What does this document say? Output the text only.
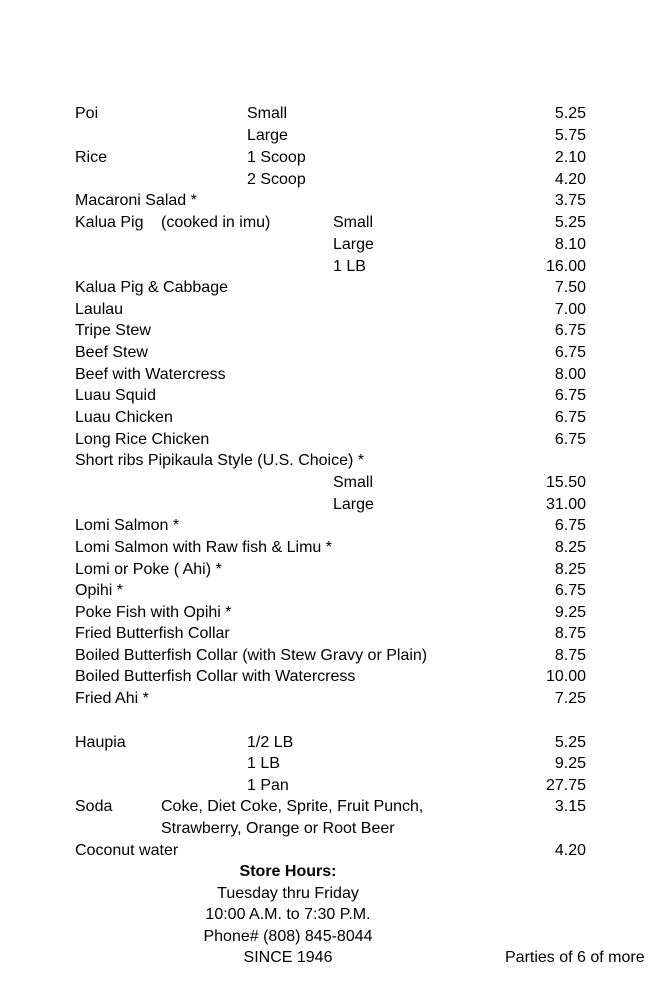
Poi	Small	5.25
Large	5.75
Rice	1 Scoop	2.10
2 Scoop	4.20
Macaroni Salad *	3.75
Kalua Pig (cooked in imu)	Small	5.25
Large	8.10
1 LB	16.00
Kalua Pig & Cabbage	7.50
Laulau	7.00
Tripe Stew	6.75
Beef Stew	6.75
Beef with Watercress	8.00
Luau Squid	6.75
Luau Chicken	6.75
Long Rice Chicken	6.75
Short ribs Pipikaula Style (U.S. Choice) *
Small	15.50
Large	31.00
Lomi Salmon *	6.75
Lomi Salmon with Raw fish & Limu *	8.25
Lomi or Poke ( Ahi) *	8.25
Opihi *	6.75
Poke Fish with Opihi *	9.25
Fried Butterfish Collar	8.75
Boiled Butterfish Collar (with Stew Gravy or Plain)	8.75
Boiled Butterfish Collar with Watercress	10.00
Fried Ahi *	7.25
Haupia	1/2 LB	5.25
1 LB	9.25
1 Pan	27.75
Soda	Coke, Diet Coke, Sprite, Fruit Punch,	3.15
Strawberry, Orange or Root Beer
Coconut water	4.20
Store Hours:
Tuesday thru Friday
10:00 A.M. to 7:30 P.M.
Phone# (808) 845-8044
SINCE 1946	Parties of 6 of more
